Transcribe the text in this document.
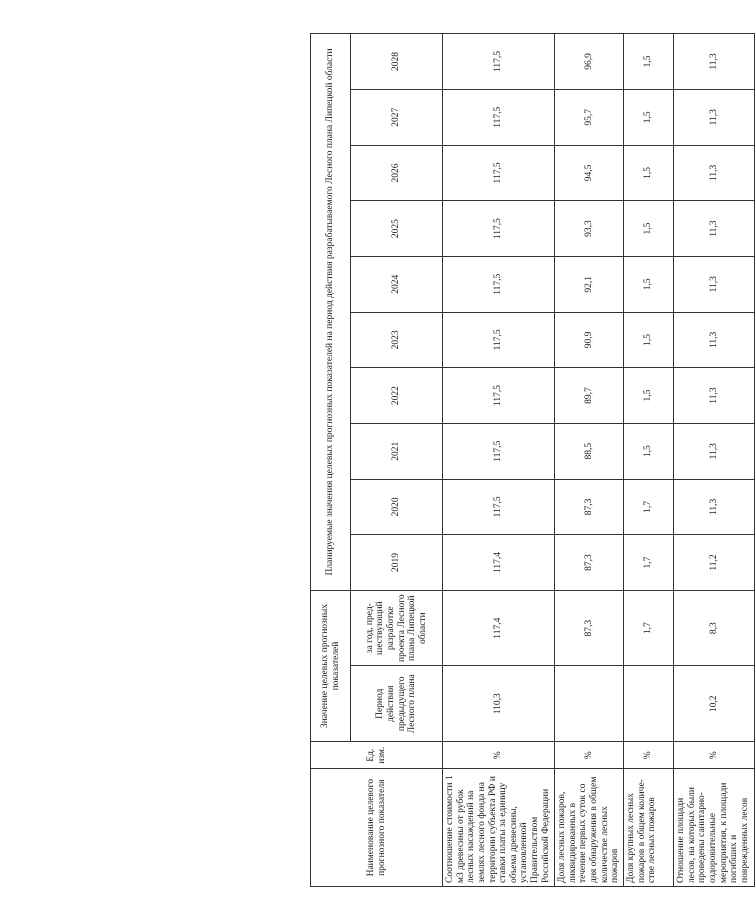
Наименование целевого прогнозного показателя	Ед. изм.	Значение целевых прогнозных показателей		Планируемые значения целевых прогнозных показателей на период действия разрабатываемого Лесного плана Липецкой области									
		Период действия предыдущего Лесного плана	за год, пред-шествующий разработке проекта Лесного плана Липецкой области	2019	2020	2021	2022	2023	2024	2025	2026	2027	2028
Соотношение стоимости 1 м3 древесины от рубок лесных насаждений на землях лесного фонда на территории субъекта РФ и ставки платы за единицу объема древесины, установленной Правительством Российской Федерации	%	110,3	117,4	117,4	117,5	117,5	117,5	117,5	117,5	117,5	117,5	117,5	117,5
Доля лесных пожаров, ликвидированных в течение первых суток со дня обнаружения в общем количестве лесных пожаров	%		87,3	87,3	87,3	88,5	89,7	90,9	92,1	93,3	94,5	95,7	96,9
Доля крупных лесных пожаров в общем количе-стве лесных пожаров	%		1,7	1,7	1,7	1,5	1,5	1,5	1,5	1,5	1,5	1,5	1,5
Отношение площади лесов, на которых были проведены санитарно-оздоровительные мероприятия, к площади погибших и поврежденных лесов	%	10,2	8,3	11,2	11,3	11,3	11,3	11,3	11,3	11,3	11,3	11,3	11,3
